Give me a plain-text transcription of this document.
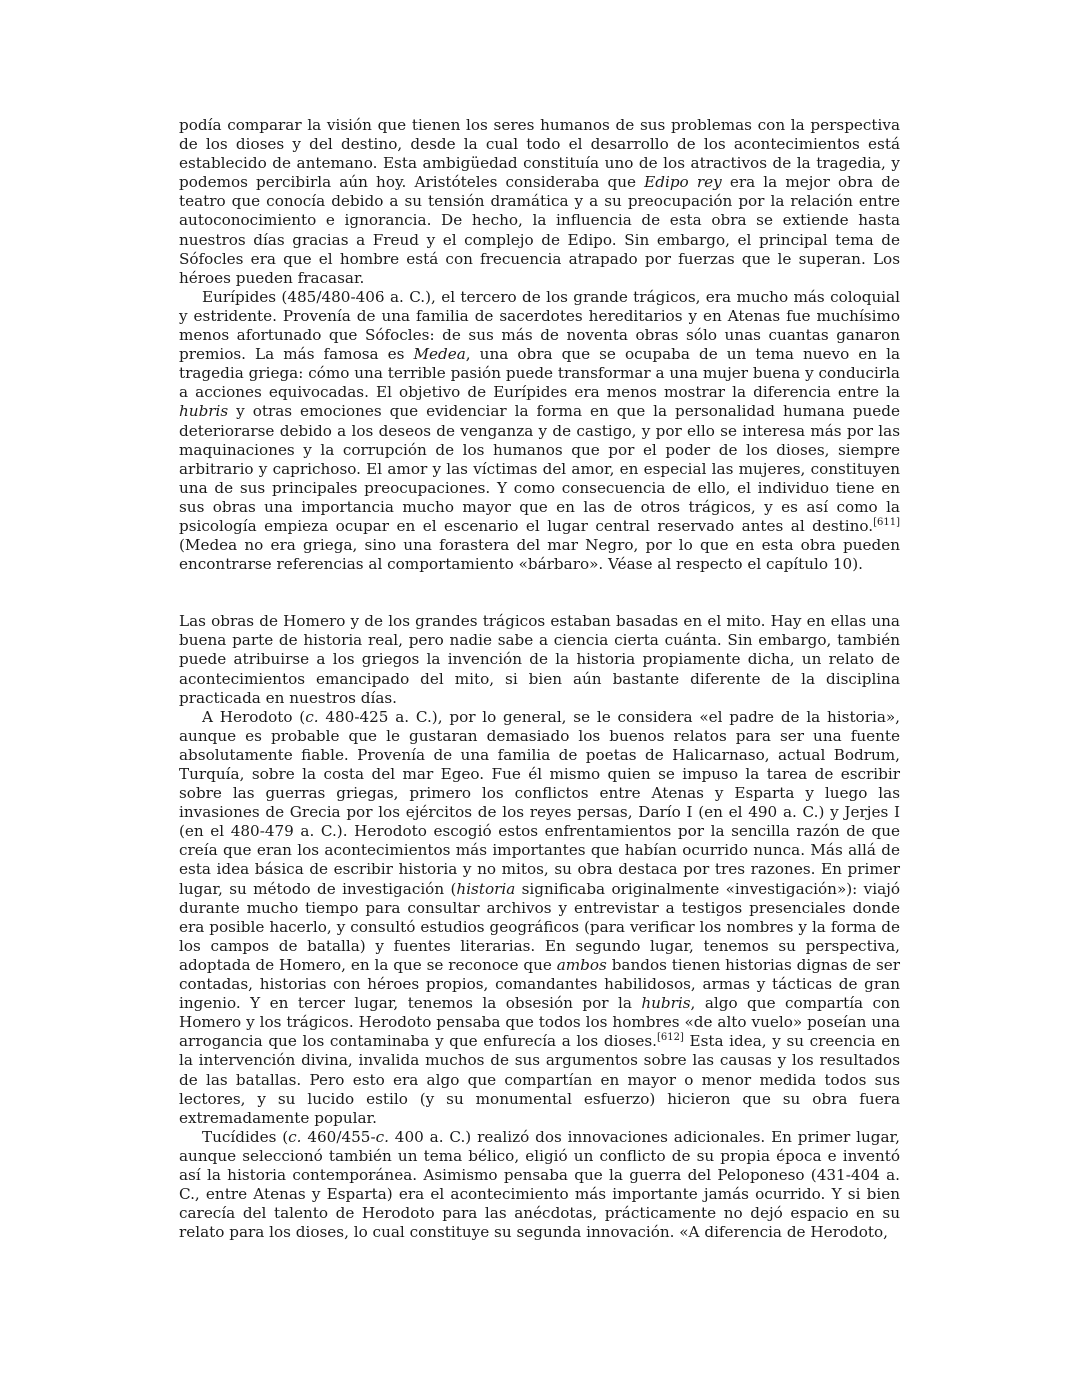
podía comparar la visión que tienen los seres humanos de sus problemas con la perspectiva de los dioses y del destino, desde la cual todo el desarrollo de los acontecimientos está establecido de antemano. Esta ambigüedad constituía uno de los atractivos de la tragedia, y podemos percibirla aún hoy. Aristóteles consideraba que Edipo rey era la mejor obra de teatro que conocía debido a su tensión dramática y a su preocupación por la relación entre autoconocimiento e ignorancia. De hecho, la influencia de esta obra se extiende hasta nuestros días gracias a Freud y el complejo de Edipo. Sin embargo, el principal tema de Sófocles era que el hombre está con frecuencia atrapado por fuerzas que le superan. Los héroes pueden fracasar.

Eurípides (485/480-406 a. C.), el tercero de los grande trágicos, era mucho más coloquial y estridente. Provenía de una familia de sacerdotes hereditarios y en Atenas fue muchísimo menos afortunado que Sófocles: de sus más de noventa obras sólo unas cuantas ganaron premios. La más famosa es Medea, una obra que se ocupaba de un tema nuevo en la tragedia griega: cómo una terrible pasión puede transformar a una mujer buena y conducirla a acciones equivocadas. El objetivo de Eurípides era menos mostrar la diferencia entre la hubris y otras emociones que evidenciar la forma en que la personalidad humana puede deteriorarse debido a los deseos de venganza y de castigo, y por ello se interesa más por las maquinaciones y la corrupción de los humanos que por el poder de los dioses, siempre arbitrario y caprichoso. El amor y las víctimas del amor, en especial las mujeres, constituyen una de sus principales preocupaciones. Y como consecuencia de ello, el individuo tiene en sus obras una importancia mucho mayor que en las de otros trágicos, y es así como la psicología empieza ocupar en el escenario el lugar central reservado antes al destino.[611] (Medea no era griega, sino una forastera del mar Negro, por lo que en esta obra pueden encontrarse referencias al comportamiento «bárbaro». Véase al respecto el capítulo 10).

Las obras de Homero y de los grandes trágicos estaban basadas en el mito. Hay en ellas una buena parte de historia real, pero nadie sabe a ciencia cierta cuánta. Sin embargo, también puede atribuirse a los griegos la invención de la historia propiamente dicha, un relato de acontecimientos emancipado del mito, si bien aún bastante diferente de la disciplina practicada en nuestros días.

A Herodoto (c. 480-425 a. C.), por lo general, se le considera «el padre de la historia», aunque es probable que le gustaran demasiado los buenos relatos para ser una fuente absolutamente fiable. Provenía de una familia de poetas de Halicarnaso, actual Bodrum, Turquía, sobre la costa del mar Egeo. Fue él mismo quien se impuso la tarea de escribir sobre las guerras griegas, primero los conflictos entre Atenas y Esparta y luego las invasiones de Grecia por los ejércitos de los reyes persas, Darío I (en el 490 a. C.) y Jerjes I (en el 480-479 a. C.). Herodoto escogió estos enfrentamientos por la sencilla razón de que creía que eran los acontecimientos más importantes que habían ocurrido nunca. Más allá de esta idea básica de escribir historia y no mitos, su obra destaca por tres razones. En primer lugar, su método de investigación (historia significaba originalmente «investigación»): viajó durante mucho tiempo para consultar archivos y entrevistar a testigos presenciales donde era posible hacerlo, y consultó estudios geográficos (para verificar los nombres y la forma de los campos de batalla) y fuentes literarias. En segundo lugar, tenemos su perspectiva, adoptada de Homero, en la que se reconoce que ambos bandos tienen historias dignas de ser contadas, historias con héroes propios, comandantes habilidosos, armas y tácticas de gran ingenio. Y en tercer lugar, tenemos la obsesión por la hubris, algo que compartía con Homero y los trágicos. Herodoto pensaba que todos los hombres «de alto vuelo» poseían una arrogancia que los contaminaba y que enfurecía a los dioses.[612] Esta idea, y su creencia en la intervención divina, invalida muchos de sus argumentos sobre las causas y los resultados de las batallas. Pero esto era algo que compartían en mayor o menor medida todos sus lectores, y su lucido estilo (y su monumental esfuerzo) hicieron que su obra fuera extremadamente popular.

Tucídides (c. 460/455-c. 400 a. C.) realizó dos innovaciones adicionales. En primer lugar, aunque seleccionó también un tema bélico, eligió un conflicto de su propia época e inventó así la historia contemporánea. Asimismo pensaba que la guerra del Peloponeso (431-404 a. C., entre Atenas y Esparta) era el acontecimiento más importante jamás ocurrido. Y si bien carecía del talento de Herodoto para las anécdotas, prácticamente no dejó espacio en su relato para los dioses, lo cual constituye su segunda innovación. «A diferencia de Herodoto,
